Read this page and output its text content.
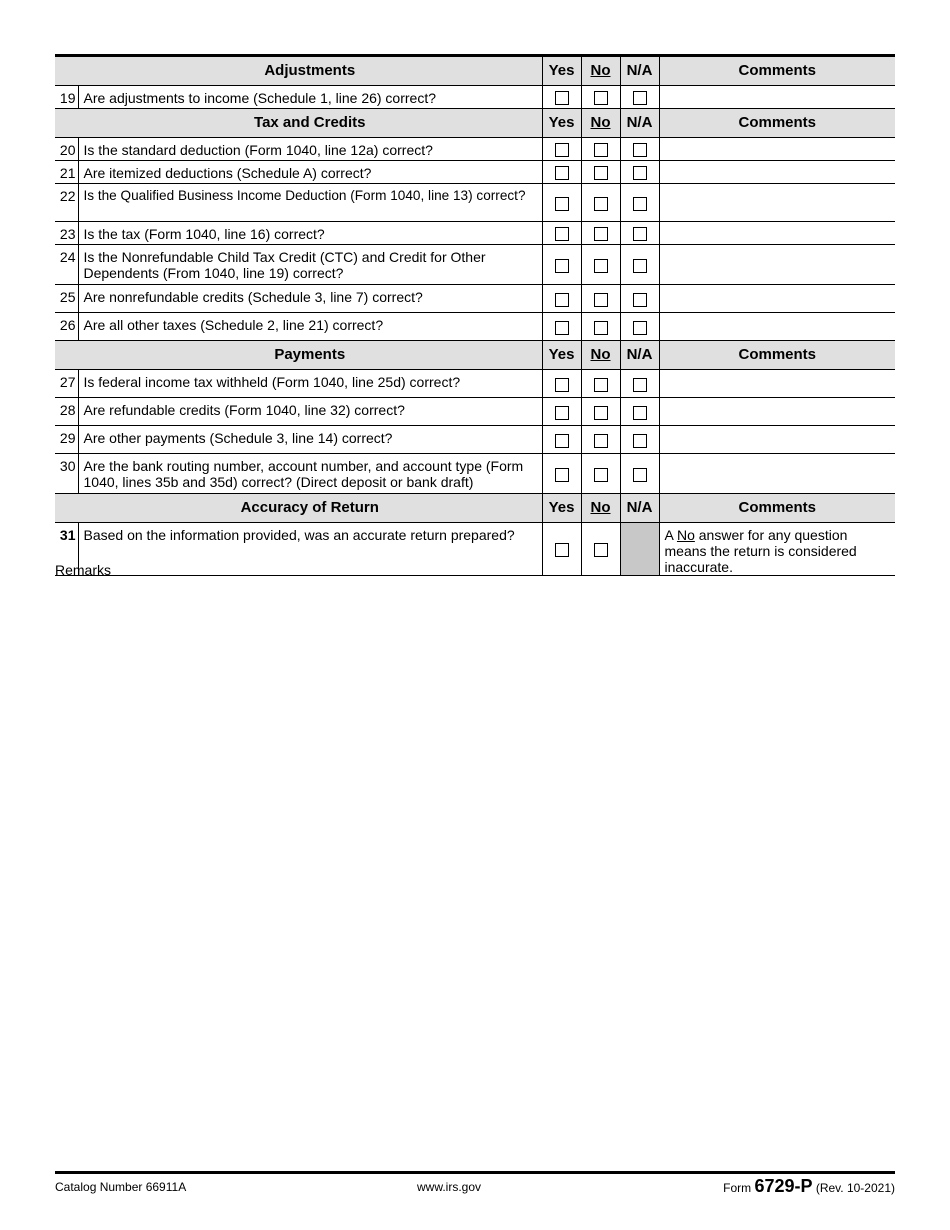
	Adjustments	Yes	No	N/A	Comments
19	Are adjustments to income (Schedule 1, line 26) correct?				
	Tax and Credits	Yes	No	N/A	Comments
20	Is the standard deduction (Form 1040, line 12a) correct?				
21	Are itemized deductions (Schedule A) correct?				
22	Is the Qualified Business Income Deduction (Form 1040, line 13) correct?				
23	Is the tax (Form 1040, line 16) correct?				
24	Is the Nonrefundable Child Tax Credit (CTC) and Credit for Other Dependents (From 1040, line 19) correct?				
25	Are nonrefundable credits (Schedule 3, line 7) correct?				
26	Are all other taxes (Schedule 2, line 21) correct?				
	Payments	Yes	No	N/A	Comments
27	Is federal income tax withheld (Form 1040, line 25d) correct?				
28	Are refundable credits (Form 1040, line 32) correct?				
29	Are other payments (Schedule 3, line 14) correct?				
30	Are the bank routing number, account number, and account type (Form 1040, lines 35b and 35d) correct? (Direct deposit or bank draft)				
	Accuracy of Return	Yes	No	N/A	Comments
31	Based on the information provided, was an accurate return prepared?				A No answer for any question means the return is considered inaccurate.
Remarks
Catalog Number 66911A	www.irs.gov	Form 6729-P (Rev. 10-2021)
